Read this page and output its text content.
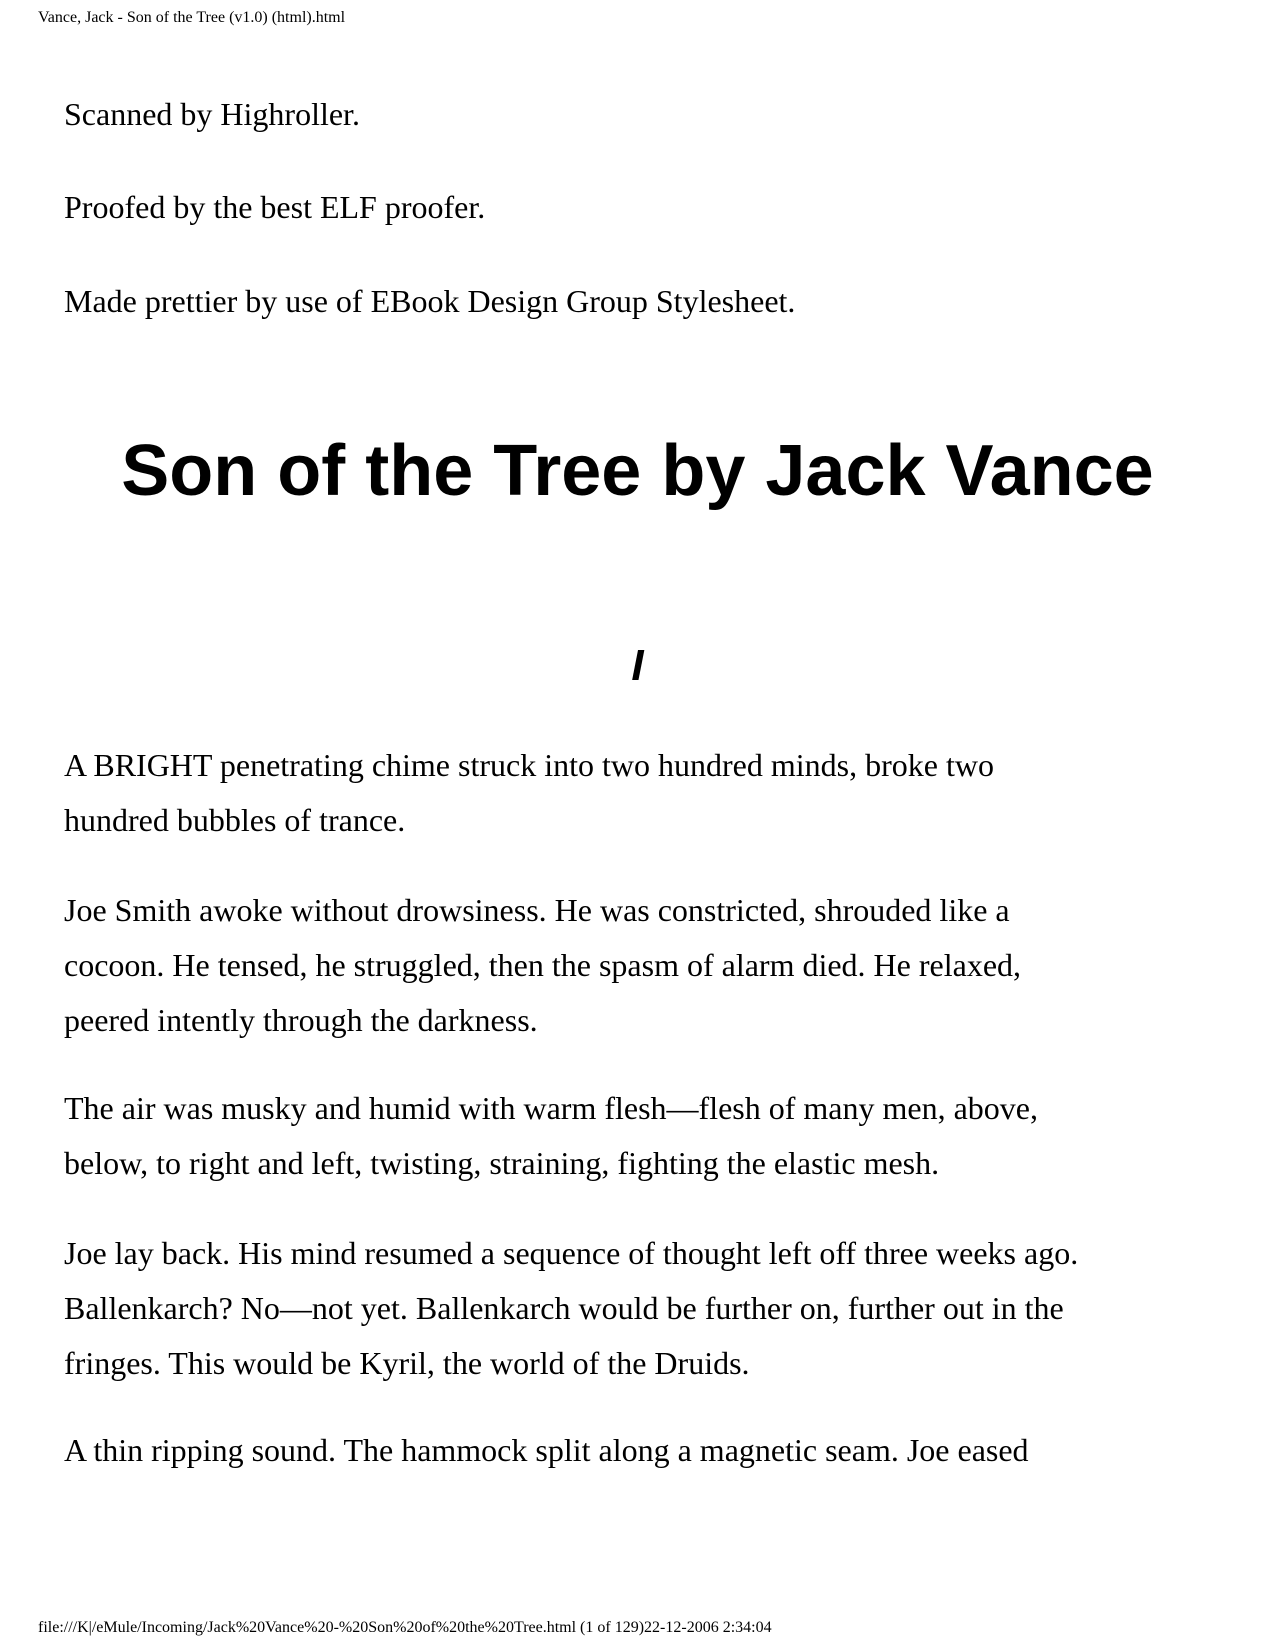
Vance, Jack - Son of the Tree (v1.0) (html).html

Scanned by Highroller.

Proofed by the best ELF proofer.

Made prettier by use of EBook Design Group Stylesheet.

Son of the Tree by Jack Vance
I
A BRIGHT penetrating chime struck into two hundred minds, broke two
hundred bubbles of trance.
Joe Smith awoke without drowsiness. He was constricted, shrouded like a
cocoon. He tensed, he struggled, then the spasm of alarm died. He relaxed,
peered intently through the darkness.
The air was musky and humid with warm flesh—flesh of many men, above,
below, to right and left, twisting, straining, fighting the elastic mesh.
Joe lay back. His mind resumed a sequence of thought left off three weeks ago.
Ballenkarch? No—not yet. Ballenkarch would be further on, further out in the
fringes. This would be Kyril, the world of the Druids.
A thin ripping sound. The hammock split along a magnetic seam. Joe eased
file:///K|/eMule/Incoming/Jack%20Vance%20-%20Son%20of%20the%20Tree.html (1 of 129)22-12-2006 2:34:04
